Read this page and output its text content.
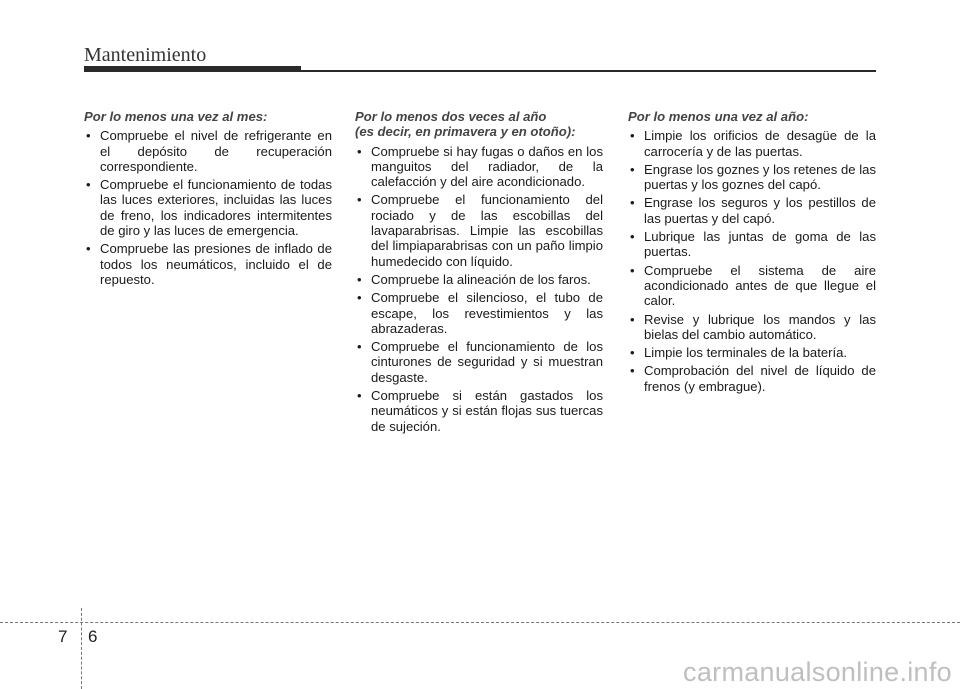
Mantenimiento
Por lo menos una vez al mes:
• Compruebe el nivel de refrigerante en el depósito de recuperación correspondiente.
• Compruebe el funcionamiento de todas las luces exteriores, incluidas las luces de freno, los indicadores intermitentes de giro y las luces de emergencia.
• Compruebe las presiones de inflado de todos los neumáticos, incluido el de repuesto.
Por lo menos dos veces al año
(es decir, en primavera y en otoño):
• Compruebe si hay fugas o daños en los manguitos del radiador, de la calefacción y del aire acondicionado.
• Compruebe el funcionamiento del rociado y de las escobillas del lavaparabrisas. Limpie las escobillas del limpiaparabrisas con un paño limpio humedecido con líquido.
• Compruebe la alineación de los faros.
• Compruebe el silencioso, el tubo de escape, los revestimientos y las abrazaderas.
• Compruebe el funcionamiento de los cinturones de seguridad y si muestran desgaste.
• Compruebe si están gastados los neumáticos y si están flojas sus tuercas de sujeción.
Por lo menos una vez al año:
• Limpie los orificios de desagüe de la carrocería y de las puertas.
• Engrase los goznes y los retenes de las puertas y los goznes del capó.
• Engrase los seguros y los pestillos de las puertas y del capó.
• Lubrique las juntas de goma de las puertas.
• Compruebe el sistema de aire acondicionado antes de que llegue el calor.
• Revise y lubrique los mandos y las bielas del cambio automático.
• Limpie los terminales de la batería.
• Comprobación del nivel de líquido de frenos (y embrague).
7 6
carmanualsonline.info
